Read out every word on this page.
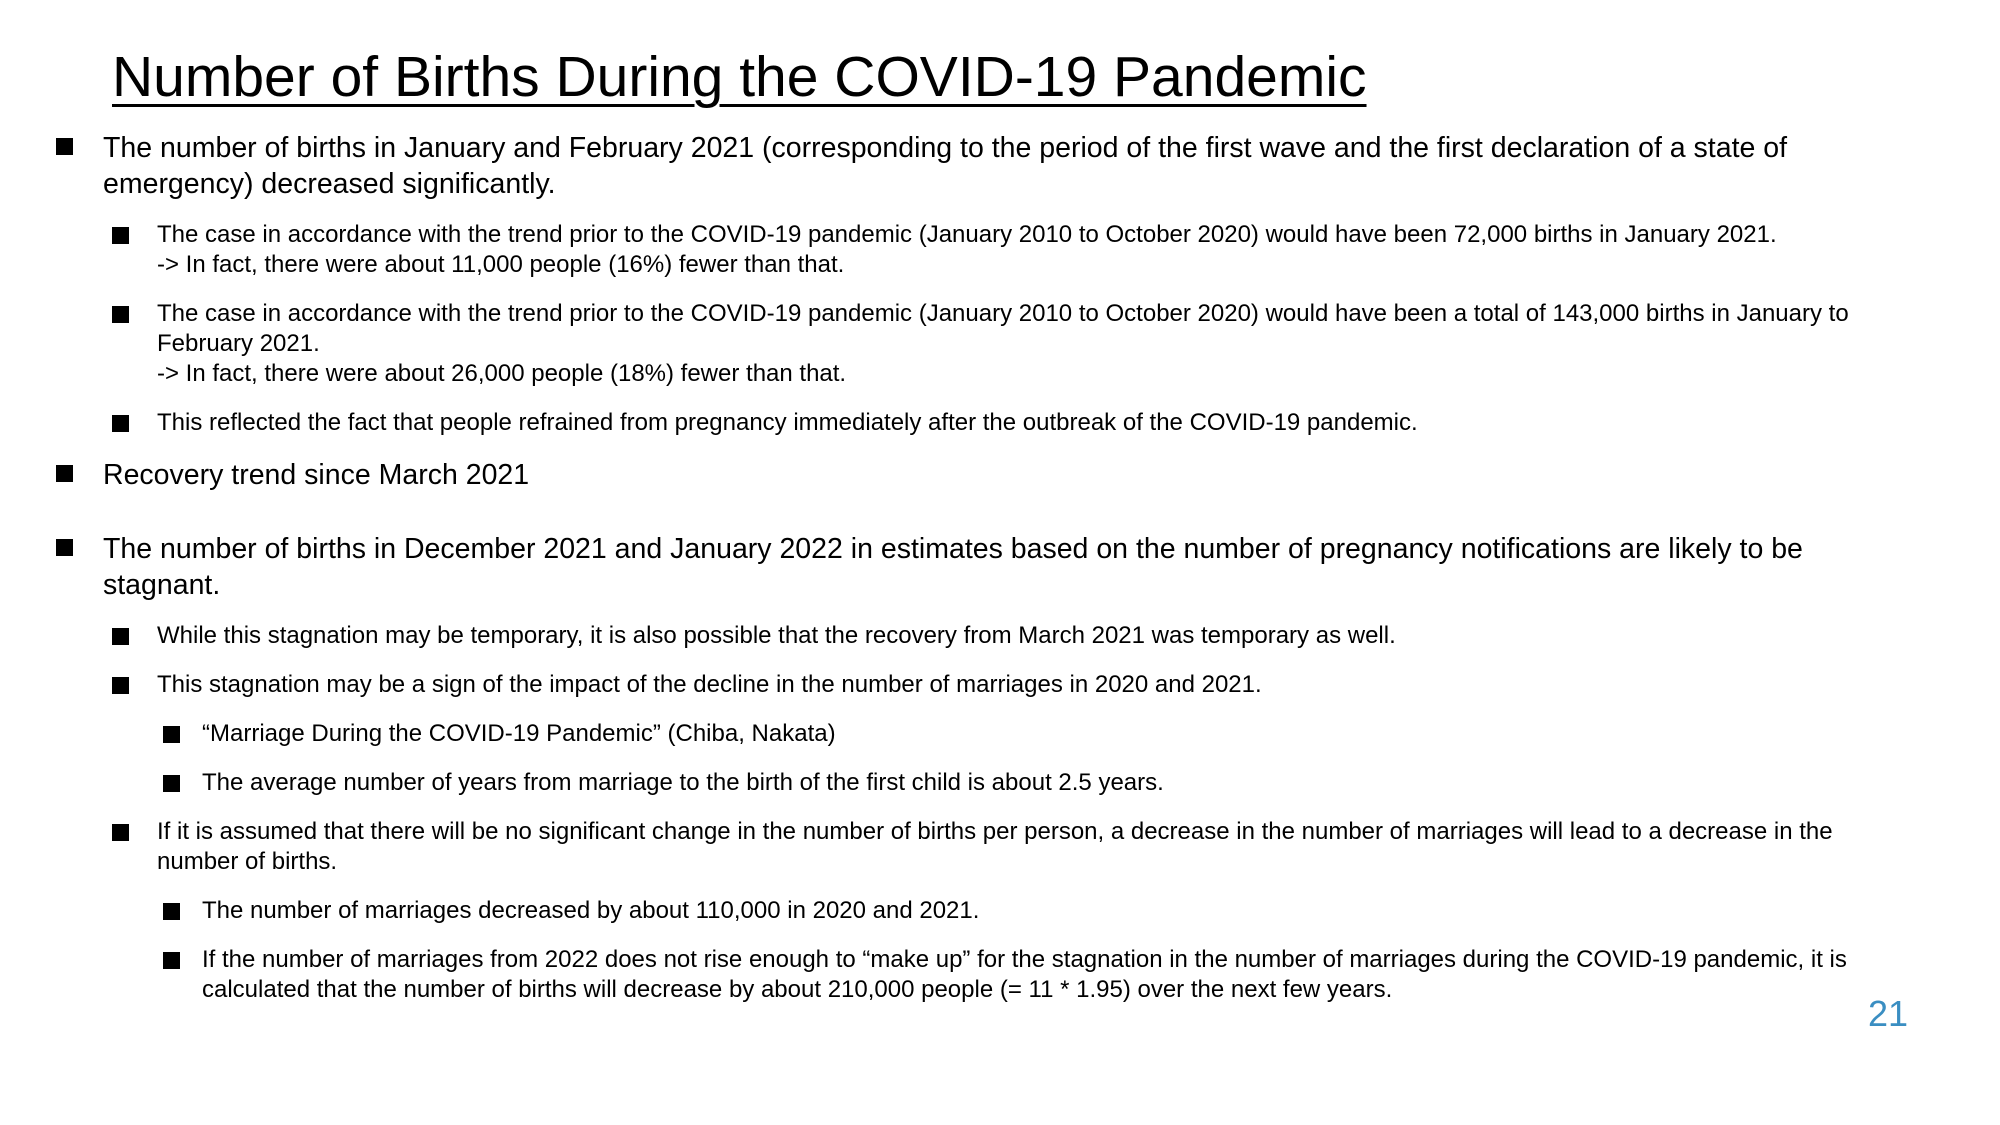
Number of Births During the COVID-19 Pandemic
The number of births in January and February 2021 (corresponding to the period of the first wave and the first declaration of a state of emergency) decreased significantly.
The case in accordance with the trend prior to the COVID-19 pandemic (January 2010 to October 2020) would have been 72,000 births in January 2021.
-> In fact, there were about 11,000 people (16%) fewer than that.
The case in accordance with the trend prior to the COVID-19 pandemic (January 2010 to October 2020) would have been a total of 143,000 births in January to February 2021.
-> In fact, there were about 26,000 people (18%) fewer than that.
This reflected the fact that people refrained from pregnancy immediately after the outbreak of the COVID-19 pandemic.
Recovery trend since March 2021
The number of births in December 2021 and January 2022 in estimates based on the number of pregnancy notifications are likely to be stagnant.
While this stagnation may be temporary, it is also possible that the recovery from March 2021 was temporary as well.
This stagnation may be a sign of the impact of the decline in the number of marriages in 2020 and 2021.
“Marriage During the COVID-19 Pandemic” (Chiba, Nakata)
The average number of years from marriage to the birth of the first child is about 2.5 years.
If it is assumed that there will be no significant change in the number of births per person, a decrease in the number of marriages will lead to a decrease in the number of births.
The number of marriages decreased by about 110,000 in 2020 and 2021.
If the number of marriages from 2022 does not rise enough to “make up” for the stagnation in the number of marriages during the COVID-19 pandemic, it is calculated that the number of births will decrease by about 210,000 people (= 11 * 1.95) over the next few years.
21
